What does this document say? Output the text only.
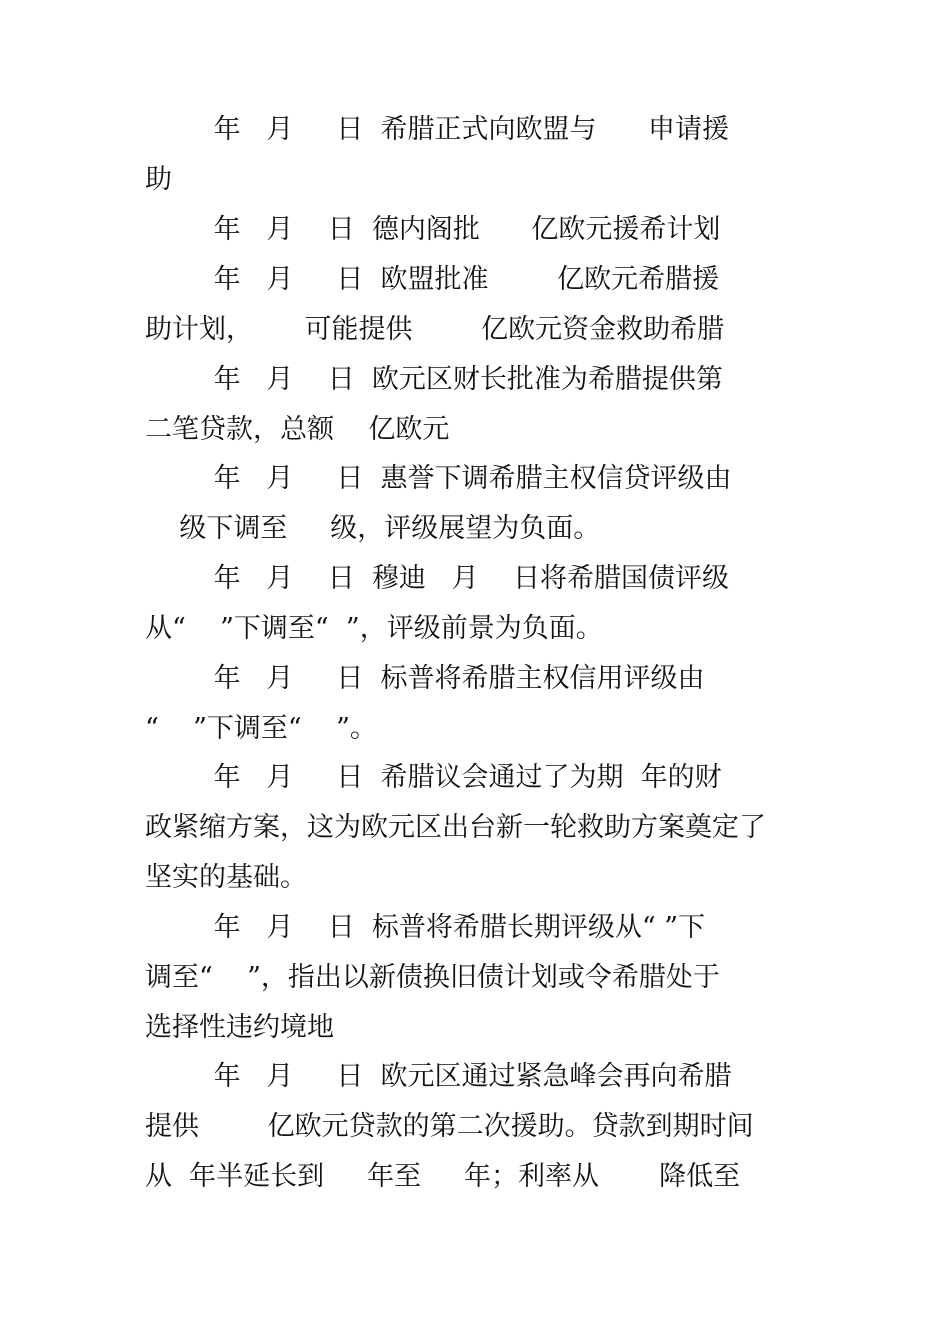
年   月     日  希腊正式向欧盟与      申请援
助
年   月    日  德内阁批      亿欧元援希计划
年   月     日  欧盟批准        亿欧元希腊援
助计划，      可能提供        亿欧元资金救助希腊
年   月    日  欧元区财长批准为希腊提供第
二笔贷款，总额    亿欧元
年   月     日  惠誉下调希腊主权信贷评级由
级下调至     级，评级展望为负面。
年   月    日  穆迪   月    日将希腊国债评级
从“    ”下调至“  ”，评级前景为负面。
年   月     日  标普将希腊主权信用评级由
“    ”下调至“    ”。
年   月     日  希腊议会通过了为期  年的财
政紧缩方案，这为欧元区出台新一轮救助方案奠定了
坚实的基础。
年   月    日  标普将希腊长期评级从“ ”下
调至“    ”，指出以新债换旧债计划或令希腊处于
选择性违约境地
年   月     日  欧元区通过紧急峰会再向希腊
提供        亿欧元贷款的第二次援助。贷款到期时间
从  年半延长到     年至     年；利率从       降低至
